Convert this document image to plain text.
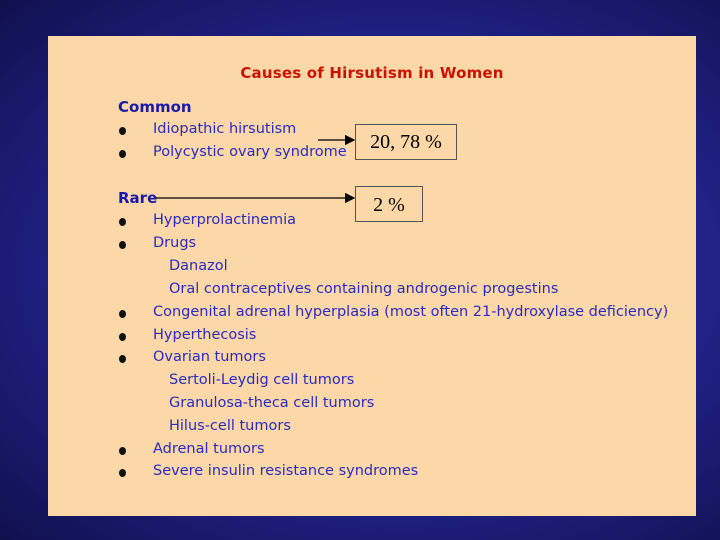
Causes of Hirsutism in Women
Common
Idiopathic hirsutism
Polycystic ovary syndrome
Rare
Hyperprolactinemia
Drugs
Danazol
Oral contraceptives containing androgenic progestins
Congenital adrenal hyperplasia (most often 21-hydroxylase deficiency)
Hyperthecosis
Ovarian tumors
Sertoli-Leydig cell tumors
Granulosa-theca cell tumors
Hilus-cell tumors
Adrenal tumors
Severe insulin resistance syndromes
20, 78 %
2 %
